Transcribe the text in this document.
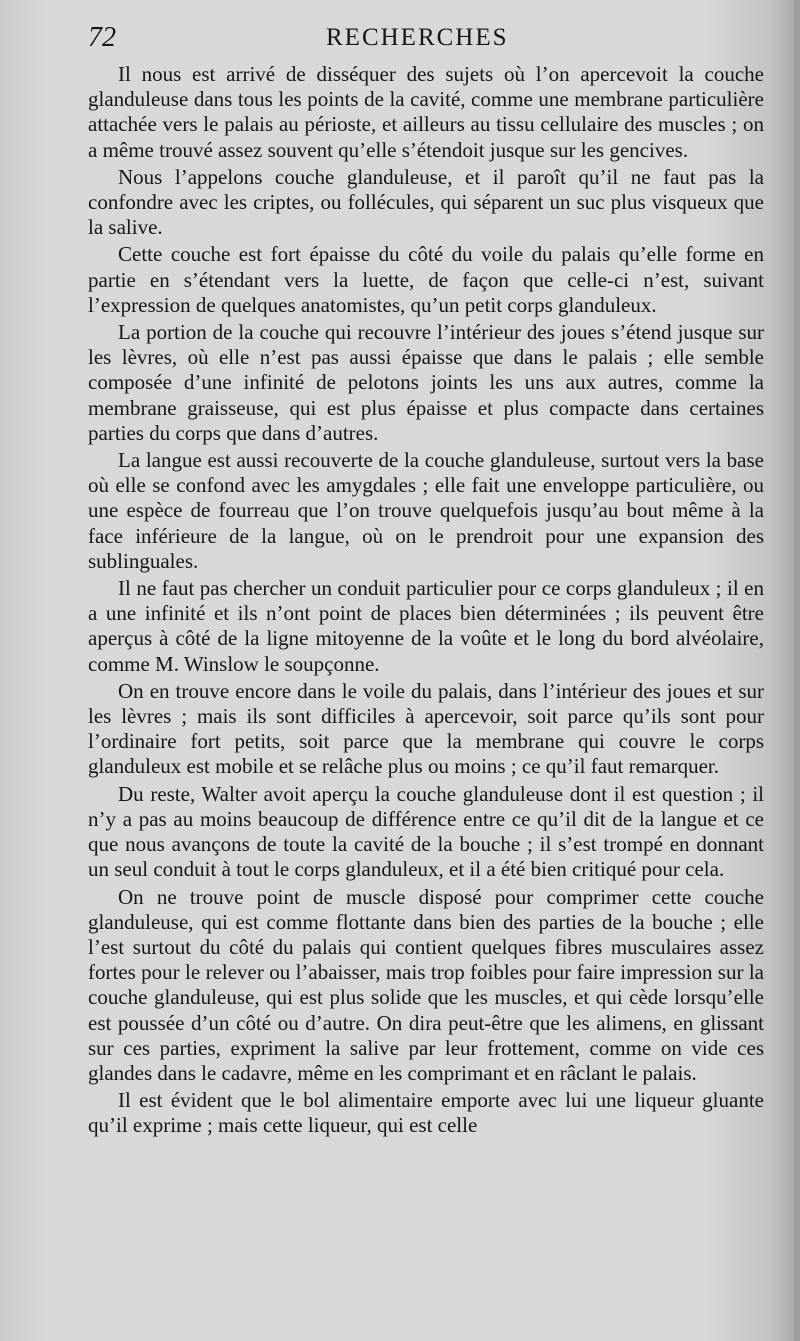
72	RECHERCHES

Il nous est arrivé de disséquer des sujets où l’on apercevoit la couche glanduleuse dans tous les points de la cavité, comme une membrane particulière attachée vers le palais au périoste, et ailleurs au tissu cellulaire des muscles ; on a même trouvé assez souvent qu’elle s’étendoit jusque sur les gencives.

Nous l’appelons couche glanduleuse, et il paroît qu’il ne faut pas la confondre avec les criptes, ou follécules, qui séparent un suc plus visqueux que la salive.

Cette couche est fort épaisse du côté du voile du palais qu’elle forme en partie en s’étendant vers la luette, de façon que celle-ci n’est, suivant l’expression de quelques anatomistes, qu’un petit corps glanduleux.

La portion de la couche qui recouvre l’intérieur des joues s’étend jusque sur les lèvres, où elle n’est pas aussi épaisse que dans le palais ; elle semble composée d’une infinité de pelotons joints les uns aux autres, comme la membrane graisseuse, qui est plus épaisse et plus compacte dans certaines parties du corps que dans d’autres.

La langue est aussi recouverte de la couche glanduleuse, surtout vers la base où elle se confond avec les amygdales ; elle fait une enveloppe particulière, ou une espèce de fourreau que l’on trouve quelquefois jusqu’au bout même à la face inférieure de la langue, où on le prendroit pour une expansion des sublinguales.

Il ne faut pas chercher un conduit particulier pour ce corps glanduleux ; il en a une infinité et ils n’ont point de places bien déterminées ; ils peuvent être aperçus à côté de la ligne mitoyenne de la voûte et le long du bord alvéolaire, comme M. Winslow le soupçonne.

On en trouve encore dans le voile du palais, dans l’intérieur des joues et sur les lèvres ; mais ils sont difficiles à apercevoir, soit parce qu’ils sont pour l’ordinaire fort petits, soit parce que la membrane qui couvre le corps glanduleux est mobile et se relâche plus ou moins ; ce qu’il faut remarquer.

Du reste, Walter avoit aperçu la couche glanduleuse dont il est question ; il n’y a pas au moins beaucoup de différence entre ce qu’il dit de la langue et ce que nous avançons de toute la cavité de la bouche ; il s’est trompé en donnant un seul conduit à tout le corps glanduleux, et il a été bien critiqué pour cela.

On ne trouve point de muscle disposé pour comprimer cette couche glanduleuse, qui est comme flottante dans bien des parties de la bouche ; elle l’est surtout du côté du palais qui contient quelques fibres musculaires assez fortes pour le relever ou l’abaisser, mais trop foibles pour faire impression sur la couche glanduleuse, qui est plus solide que les muscles, et qui cède lorsqu’elle est poussée d’un côté ou d’autre. On dira peut-être que les alimens, en glissant sur ces parties, expriment la salive par leur frottement, comme on vide ces glandes dans le cadavre, même en les comprimant et en râclant le palais.

Il est évident que le bol alimentaire emporte avec lui une liqueur gluante qu’il exprime ; mais cette liqueur, qui est celle
